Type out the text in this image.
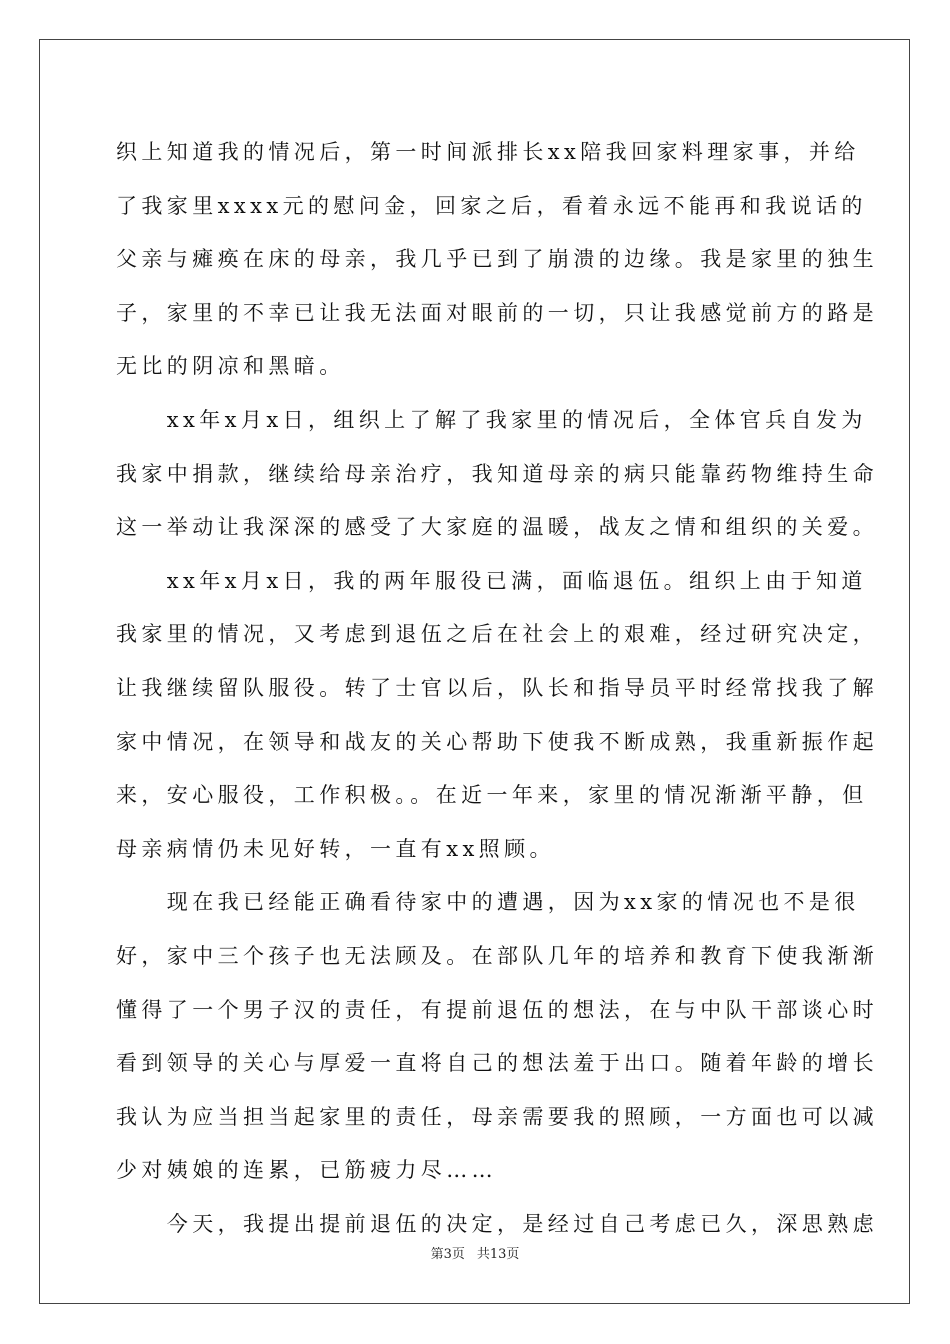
织上知道我的情况后，第一时间派排长xx陪我回家料理家事，并给
了我家里xxxx元的慰问金，回家之后，看着永远不能再和我说话的
父亲与瘫痪在床的母亲，我几乎已到了崩溃的边缘。我是家里的独生
子，家里的不幸已让我无法面对眼前的一切，只让我感觉前方的路是
无比的阴凉和黑暗。
　　xx年x月x日，组织上了解了我家里的情况后，全体官兵自发为
我家中捐款，继续给母亲治疗，我知道母亲的病只能靠药物维持生命
这一举动让我深深的感受了大家庭的温暖，战友之情和组织的关爱。
　　xx年x月x日，我的两年服役已满，面临退伍。组织上由于知道
我家里的情况，又考虑到退伍之后在社会上的艰难，经过研究决定，
让我继续留队服役。转了士官以后，队长和指导员平时经常找我了解
家中情况，在领导和战友的关心帮助下使我不断成熟，我重新振作起
来，安心服役，工作积极。。在近一年来，家里的情况渐渐平静，但
母亲病情仍未见好转，一直有xx照顾。
　　现在我已经能正确看待家中的遭遇，因为xx家的情况也不是很
好，家中三个孩子也无法顾及。在部队几年的培养和教育下使我渐渐
懂得了一个男子汉的责任，有提前退伍的想法，在与中队干部谈心时
看到领导的关心与厚爱一直将自己的想法羞于出口。随着年龄的增长
我认为应当担当起家里的责任，母亲需要我的照顾，一方面也可以减
少对姨娘的连累，已筋疲力尽……
　　今天，我提出提前退伍的决定，是经过自己考虑已久，深思熟虑
第3页 共13页
